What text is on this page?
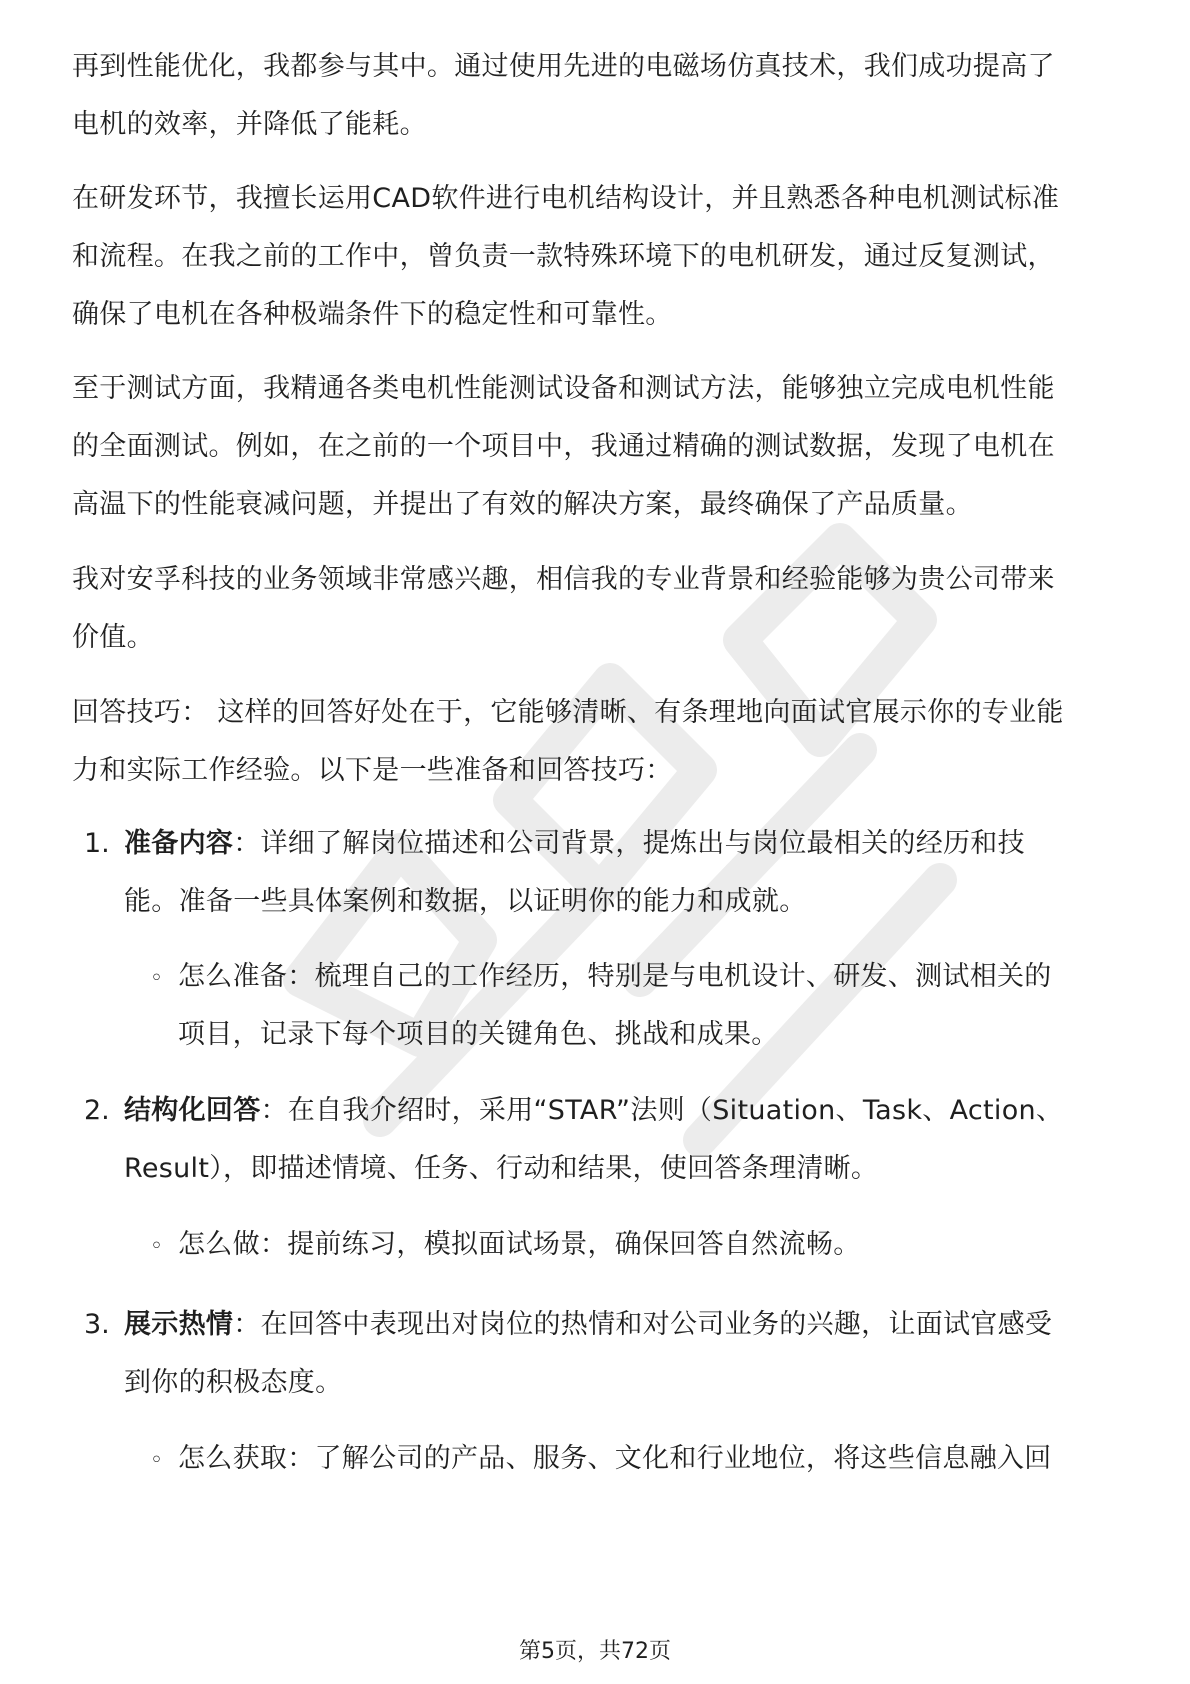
再到性能优化，我都参与其中。通过使用先进的电磁场仿真技术，我们成功提高了
电机的效率，并降低了能耗。

在研发环节，我擅长运用CAD软件进行电机结构设计，并且熟悉各种电机测试标准
和流程。在我之前的工作中，曾负责一款特殊环境下的电机研发，通过反复测试，
确保了电机在各种极端条件下的稳定性和可靠性。

至于测试方面，我精通各类电机性能测试设备和测试方法，能够独立完成电机性能
的全面测试。例如，在之前的一个项目中，我通过精确的测试数据，发现了电机在
高温下的性能衰减问题，并提出了有效的解决方案，最终确保了产品质量。

我对安孚科技的业务领域非常感兴趣，相信我的专业背景和经验能够为贵公司带来
价值。

回答技巧： 这样的回答好处在于，它能够清晰、有条理地向面试官展示你的专业能
力和实际工作经验。以下是一些准备和回答技巧：

1. 准备内容：详细了解岗位描述和公司背景，提炼出与岗位最相关的经历和技
能。准备一些具体案例和数据，以证明你的能力和成就。

◦ 怎么准备：梳理自己的工作经历，特别是与电机设计、研发、测试相关的
项目，记录下每个项目的关键角色、挑战和成果。

2. 结构化回答：在自我介绍时，采用“STAR”法则（Situation、Task、Action、
Result），即描述情境、任务、行动和结果，使回答条理清晰。

◦ 怎么做：提前练习，模拟面试场景，确保回答自然流畅。

3. 展示热情：在回答中表现出对岗位的热情和对公司业务的兴趣，让面试官感受
到你的积极态度。

◦ 怎么获取：了解公司的产品、服务、文化和行业地位，将这些信息融入回

第5页，共72页
